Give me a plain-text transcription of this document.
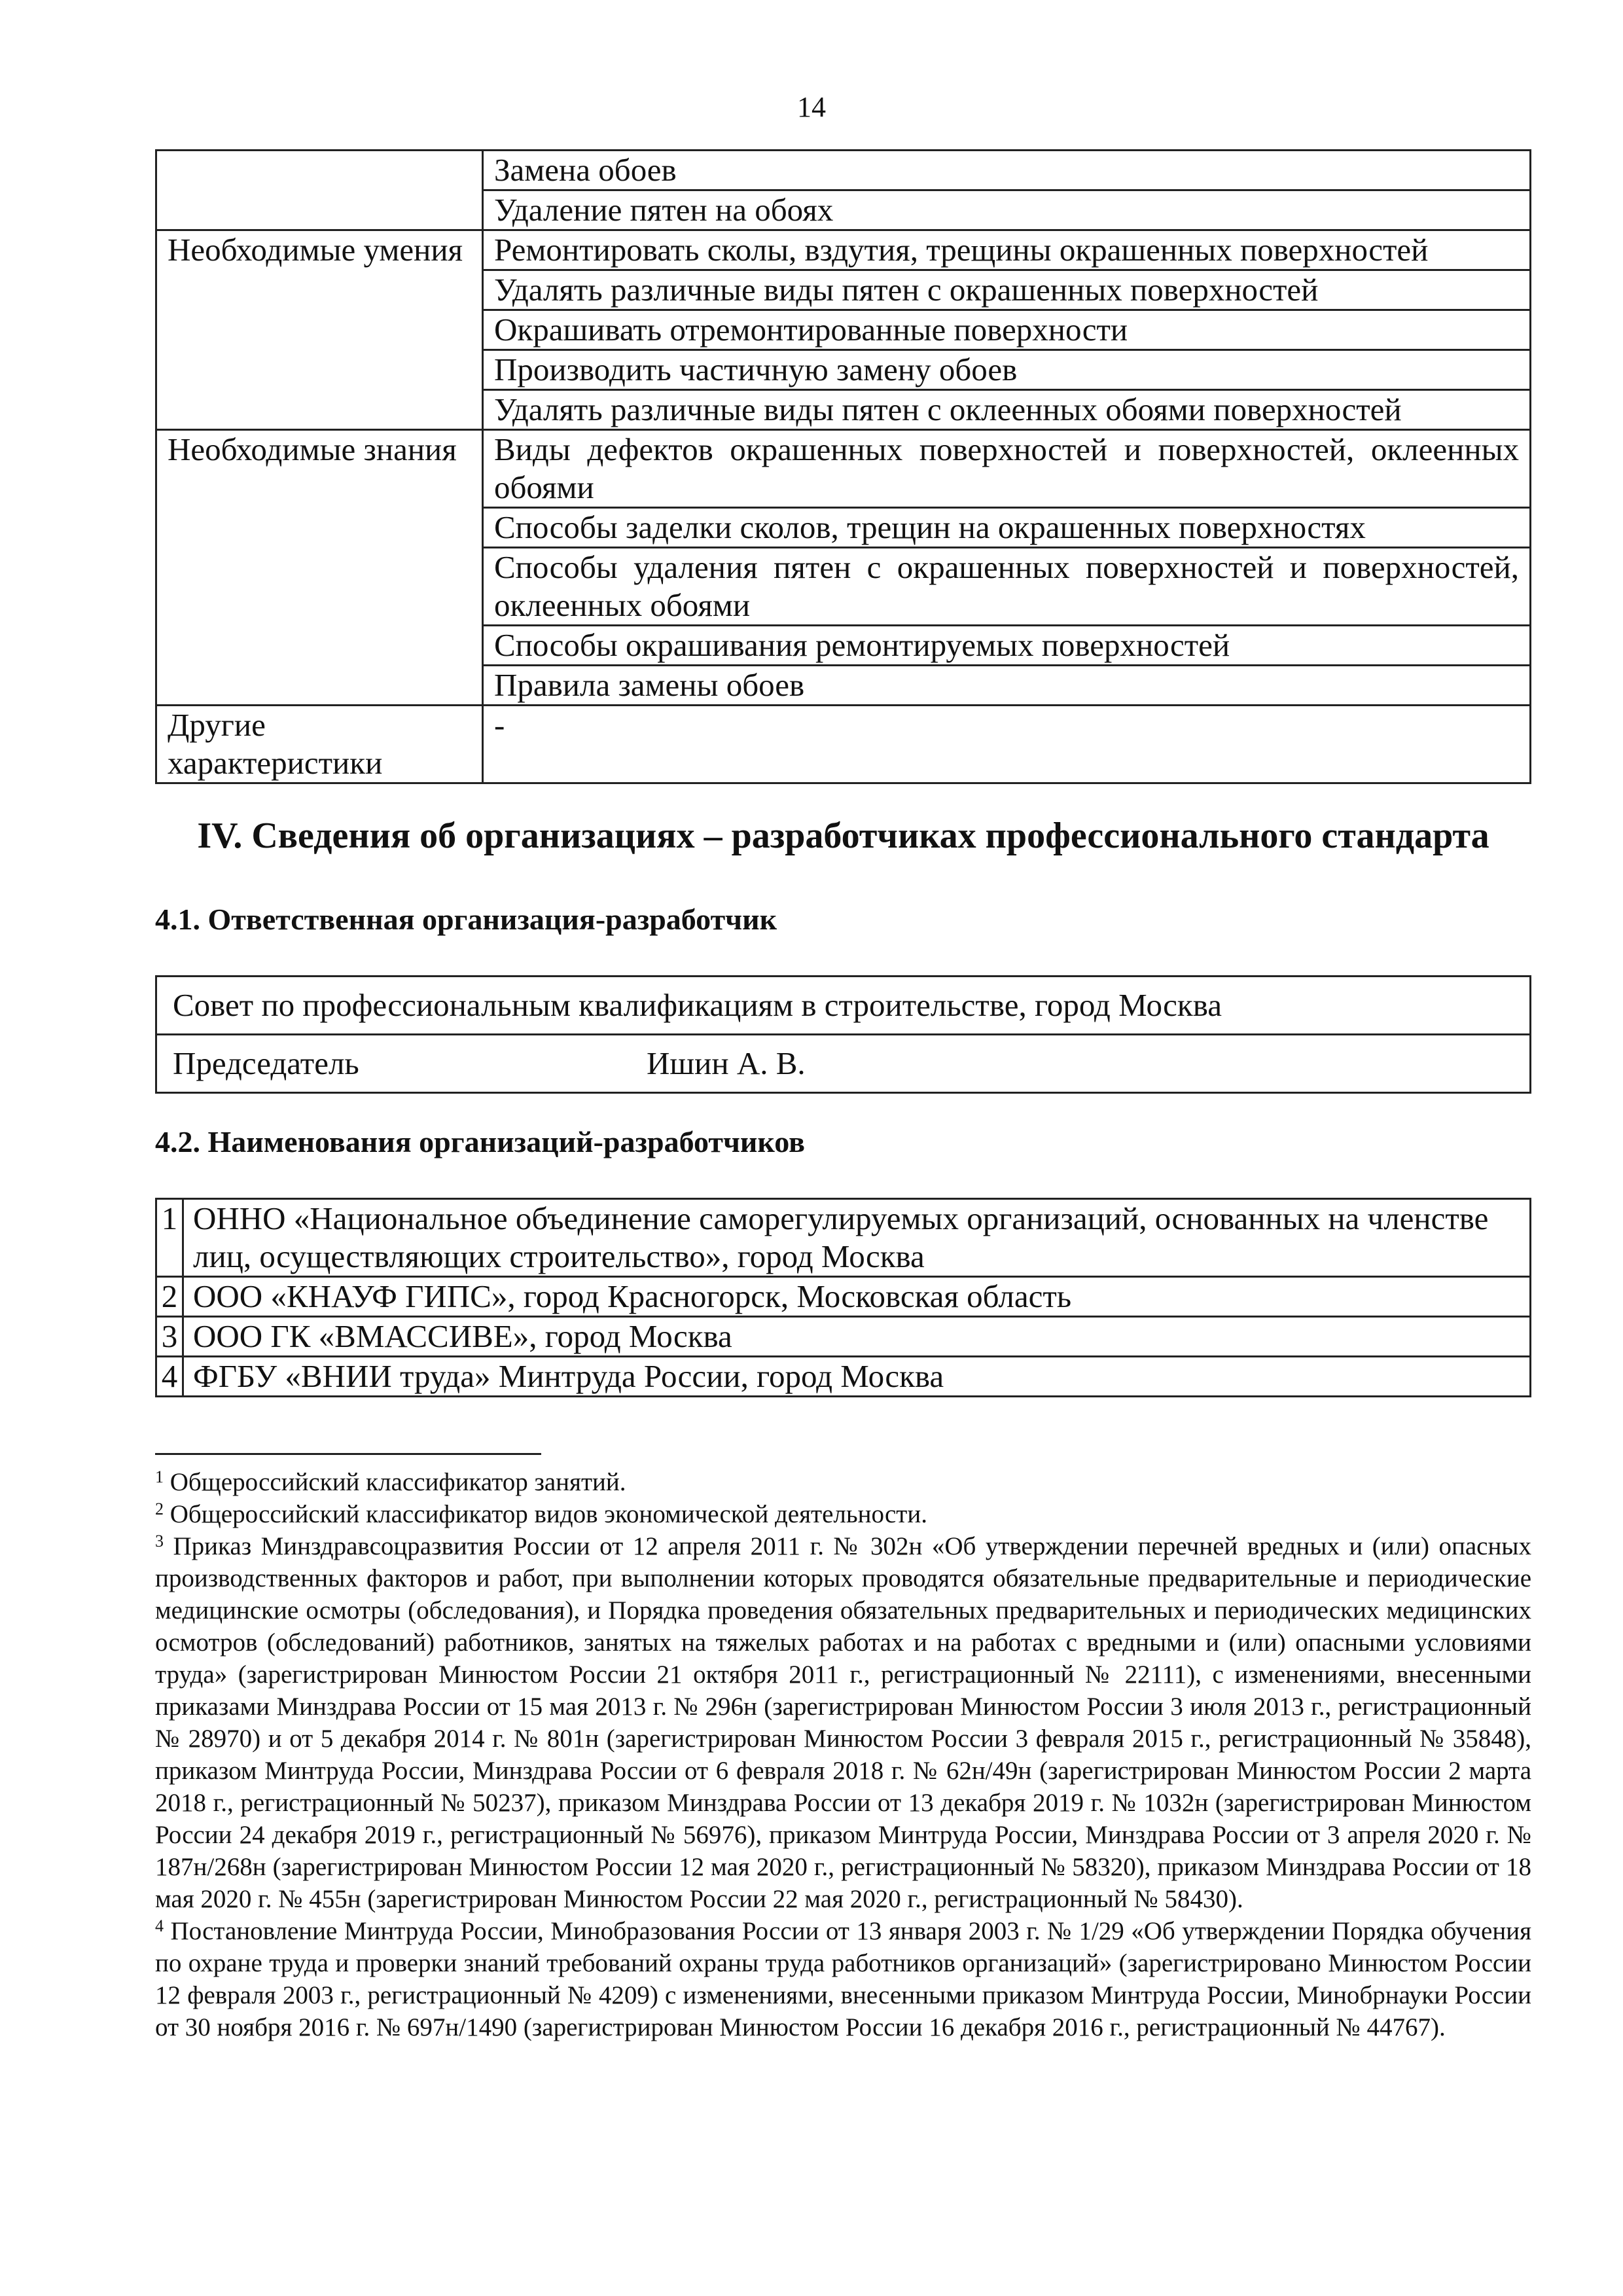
14
	Замена обоев
	Удаление пятен на обоях
Необходимые умения	Ремонтировать сколы, вздутия, трещины окрашенных поверхностей
	Удалять различные виды пятен с окрашенных поверхностей
	Окрашивать отремонтированные поверхности
	Производить частичную замену обоев
	Удалять различные виды пятен с оклеенных обоями поверхностей
Необходимые знания	Виды дефектов окрашенных поверхностей и поверхностей, оклеенных обоями
	Способы заделки сколов, трещин на окрашенных поверхностях
	Способы удаления пятен с окрашенных поверхностей и поверхностей, оклеенных обоями
	Способы окрашивания ремонтируемых поверхностей
	Правила замены обоев
Другие характеристики	-
IV. Сведения об организациях – разработчиках профессионального стандарта
4.1. Ответственная организация-разработчик
Совет по профессиональным квалификациям в строительстве, город Москва
Председатель	Ишин А. В.
4.2. Наименования организаций-разработчиков
1	ОННО «Национальное объединение саморегулируемых организаций, основанных на членстве лиц, осуществляющих строительство», город Москва
2	ООО «КНАУФ ГИПС», город Красногорск, Московская область
3	ООО ГК «ВМАССИВЕ», город Москва
4	ФГБУ «ВНИИ труда» Минтруда России, город Москва
$^1$ Общероссийский классификатор занятий.
$^2$ Общероссийский классификатор видов экономической деятельности.
$^3$ Приказ Минздравсоцразвития России от 12 апреля 2011 г. № 302н «Об утверждении перечней вредных и (или) опасных производственных факторов и работ, при выполнении которых проводятся обязательные предварительные и периодические медицинские осмотры (обследования), и Порядка проведения обязательных предварительных и периодических медицинских осмотров (обследований) работников, занятых на тяжелых работах и на работах с вредными и (или) опасными условиями труда» (зарегистрирован Минюстом России 21 октября 2011 г., регистрационный № 22111), с изменениями, внесенными приказами Минздрава России от 15 мая 2013 г. № 296н (зарегистрирован Минюстом России 3 июля 2013 г., регистрационный № 28970) и от 5 декабря 2014 г. № 801н (зарегистрирован Минюстом России 3 февраля 2015 г., регистрационный № 35848), приказом Минтруда России, Минздрава России от 6 февраля 2018 г. № 62н/49н (зарегистрирован Минюстом России 2 марта 2018 г., регистрационный № 50237), приказом Минздрава России от 13 декабря 2019 г. № 1032н (зарегистрирован Минюстом России 24 декабря 2019 г., регистрационный № 56976), приказом Минтруда России, Минздрава России от 3 апреля 2020 г. № 187н/268н (зарегистрирован Минюстом России 12 мая 2020 г., регистрационный № 58320), приказом Минздрава России от 18 мая 2020 г. № 455н (зарегистрирован Минюстом России 22 мая 2020 г., регистрационный № 58430).
$^4$ Постановление Минтруда России, Минобразования России от 13 января 2003 г. № 1/29 «Об утверждении Порядка обучения по охране труда и проверки знаний требований охраны труда работников организаций» (зарегистрировано Минюстом России 12 февраля 2003 г., регистрационный № 4209) с изменениями, внесенными приказом Минтруда России, Минобрнауки России от 30 ноября 2016 г. № 697н/1490 (зарегистрирован Минюстом России 16 декабря 2016 г., регистрационный № 44767).
